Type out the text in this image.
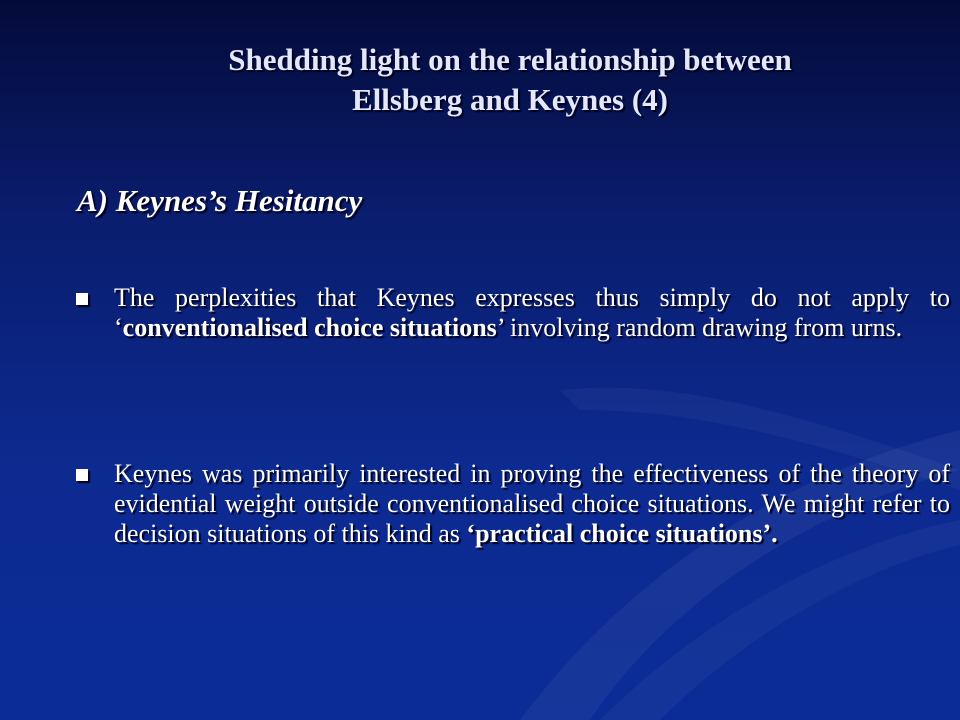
Shedding light on the relationship between
Ellsberg and Keynes (4)
A) Keynes’s Hesitancy
The perplexities that Keynes expresses thus simply do not apply to ‘conventionalised choice situations’ involving random drawing from urns.
Keynes was primarily interested in proving the effectiveness of the theory of evidential weight outside conventionalised choice situations. We might refer to decision situations of this kind as ‘practical choice situations’.
